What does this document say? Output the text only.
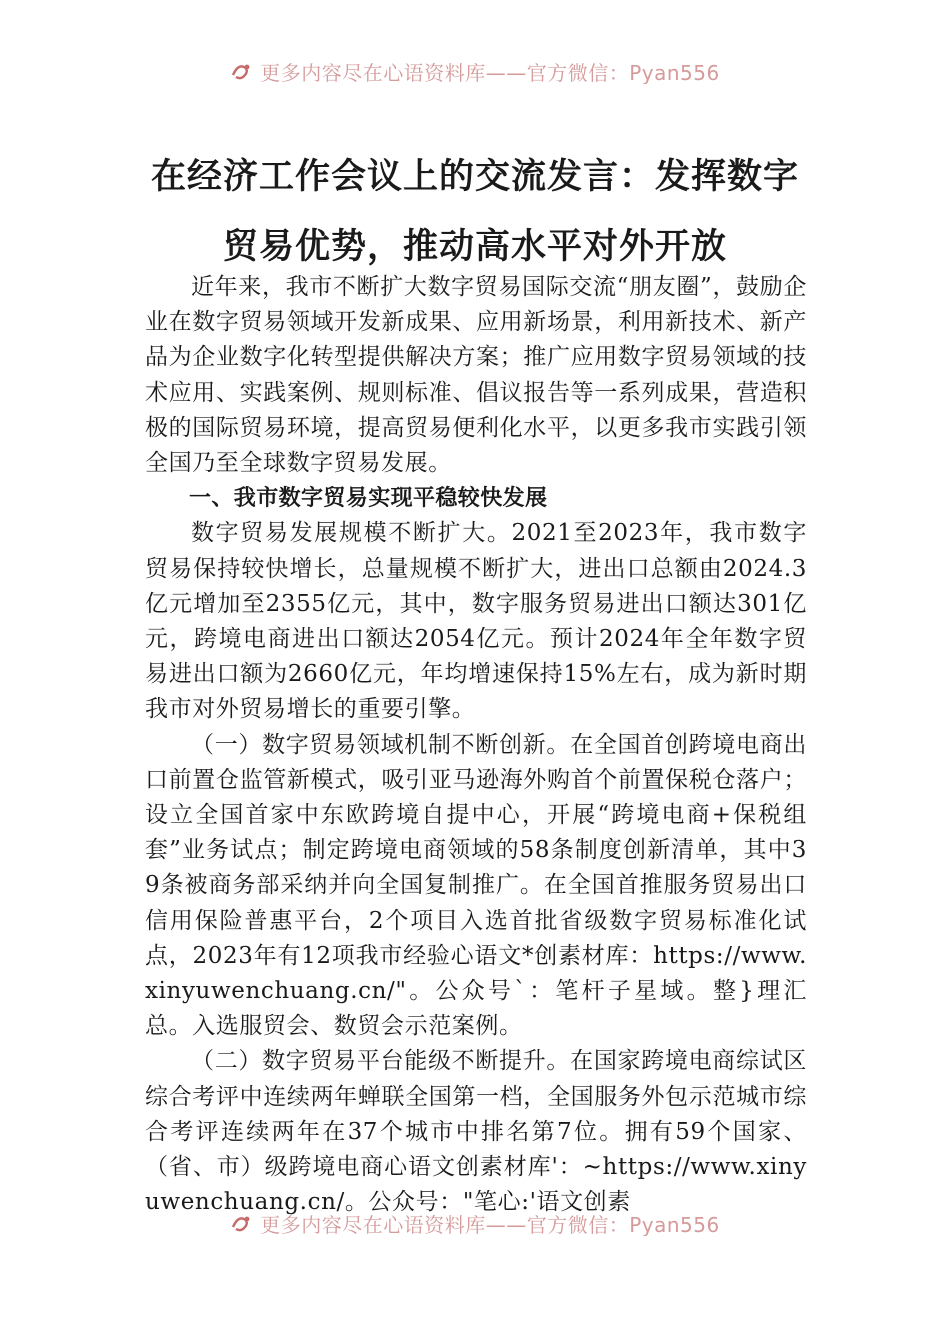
更多内容尽在心语资料库——官方微信：Pyan556
在经济工作会议上的交流发言：发挥数字
贸易优势，推动高水平对外开放

近年来，我市不断扩大数字贸易国际交流“朋友圈”，鼓励企业在数字贸易领域开发新成果、应用新场景，利用新技术、新产品为企业数字化转型提供解决方案；推广应用数字贸易领域的技术应用、实践案例、规则标准、倡议报告等一系列成果，营造积极的国际贸易环境，提高贸易便利化水平，以更多我市实践引领全国乃至全球数字贸易发展。

一、我市数字贸易实现平稳较快发展

数字贸易发展规模不断扩大。2021至2023年，我市数字贸易保持较快增长，总量规模不断扩大，进出口总额由2024.3亿元增加至2355亿元，其中，数字服务贸易进出口额达301亿元，跨境电商进出口额达2054亿元。预计2024年全年数字贸易进出口额为2660亿元，年均增速保持15%左右，成为新时期我市对外贸易增长的重要引擎。

（一）数字贸易领域机制不断创新。在全国首创跨境电商出口前置仓监管新模式，吸引亚马逊海外购首个前置保税仓落户；设立全国首家中东欧跨境自提中心，开展“跨境电商+保税组套”业务试点；制定跨境电商领域的58条制度创新清单，其中39条被商务部采纳并向全国复制推广。在全国首推服务贸易出口信用保险普惠平台，2个项目入选首批省级数字贸易标准化试点，2023年有12项我市经验心语文*创素材库：https://www.xinyuwenchuang.cn/"。公众号`：笔杆子星域。整}理汇总。入选服贸会、数贸会示范案例。

（二）数字贸易平台能级不断提升。在国家跨境电商综试区综合考评中连续两年蝉联全国第一档，全国服务外包示范城市综合考评连续两年在37个城市中排名第7位。拥有59个国家、（省、市）级跨境电商心语文创素材库'：~https://www.xinyuwenchuang.cn/。公众号："笔心:'语文创素

更多内容尽在心语资料库——官方微信：Pyan556
